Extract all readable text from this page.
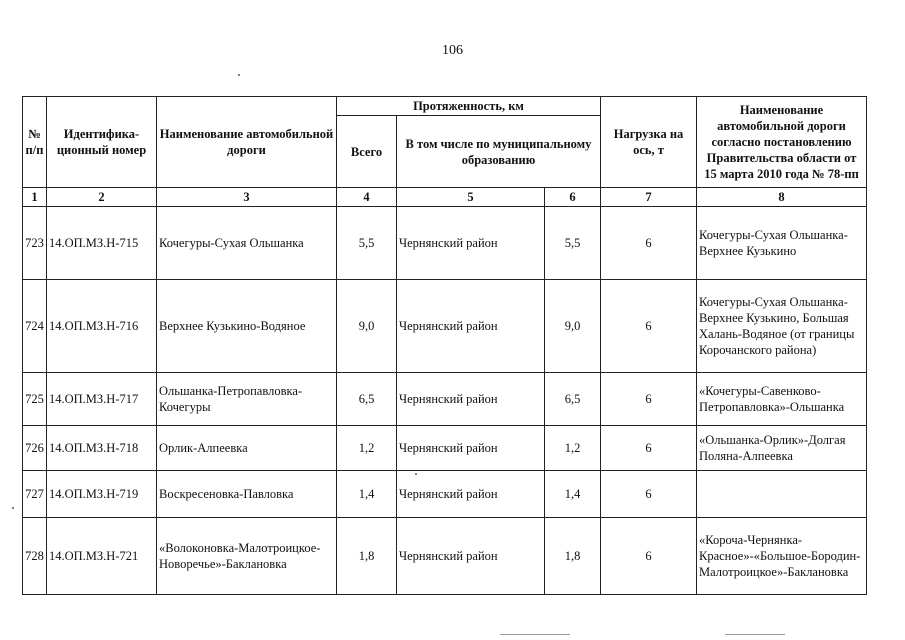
106
№ п/п	Идентифика-ционный номер	Наименование автомобильной дороги	Протяженность, км			Нагрузка на ось, т	Наименование автомобильной дороги согласно постановлению Правительства области от 15 марта 2010 года № 78-пп
			Всего	В том числе по муниципальному образованию			
1	2	3	4	5	6	7	8
723	14.ОП.МЗ.Н-715	Кочегуры-Сухая Ольшанка	5,5	Чернянский район	5,5	6	Кочегуры-Сухая Ольшанка-Верхнее Кузькино
724	14.ОП.МЗ.Н-716	Верхнее Кузькино-Водяное	9,0	Чернянский район	9,0	6	Кочегуры-Сухая Ольшанка-Верхнее Кузькино, Большая Халань-Водяное (от границы Корочанского района)
725	14.ОП.МЗ.Н-717	Ольшанка-Петропавловка-Кочегуры	6,5	Чернянский район	6,5	6	«Кочегуры-Савенково-Петропавловка»-Ольшанка
726	14.ОП.МЗ.Н-718	Орлик-Алпеевка	1,2	Чернянский район	1,2	6	«Ольшанка-Орлик»-Долгая Поляна-Алпеевка
727	14.ОП.МЗ.Н-719	Воскресеновка-Павловка	1,4	Чернянский район	1,4	6	
728	14.ОП.МЗ.Н-721	«Волоконовка-Малотроицкое-Новоречье»-Баклановка	1,8	Чернянский район	1,8	6	«Короча-Чернянка-Красное»-«Большое-Бородин-Малотроицкое»-Баклановка
